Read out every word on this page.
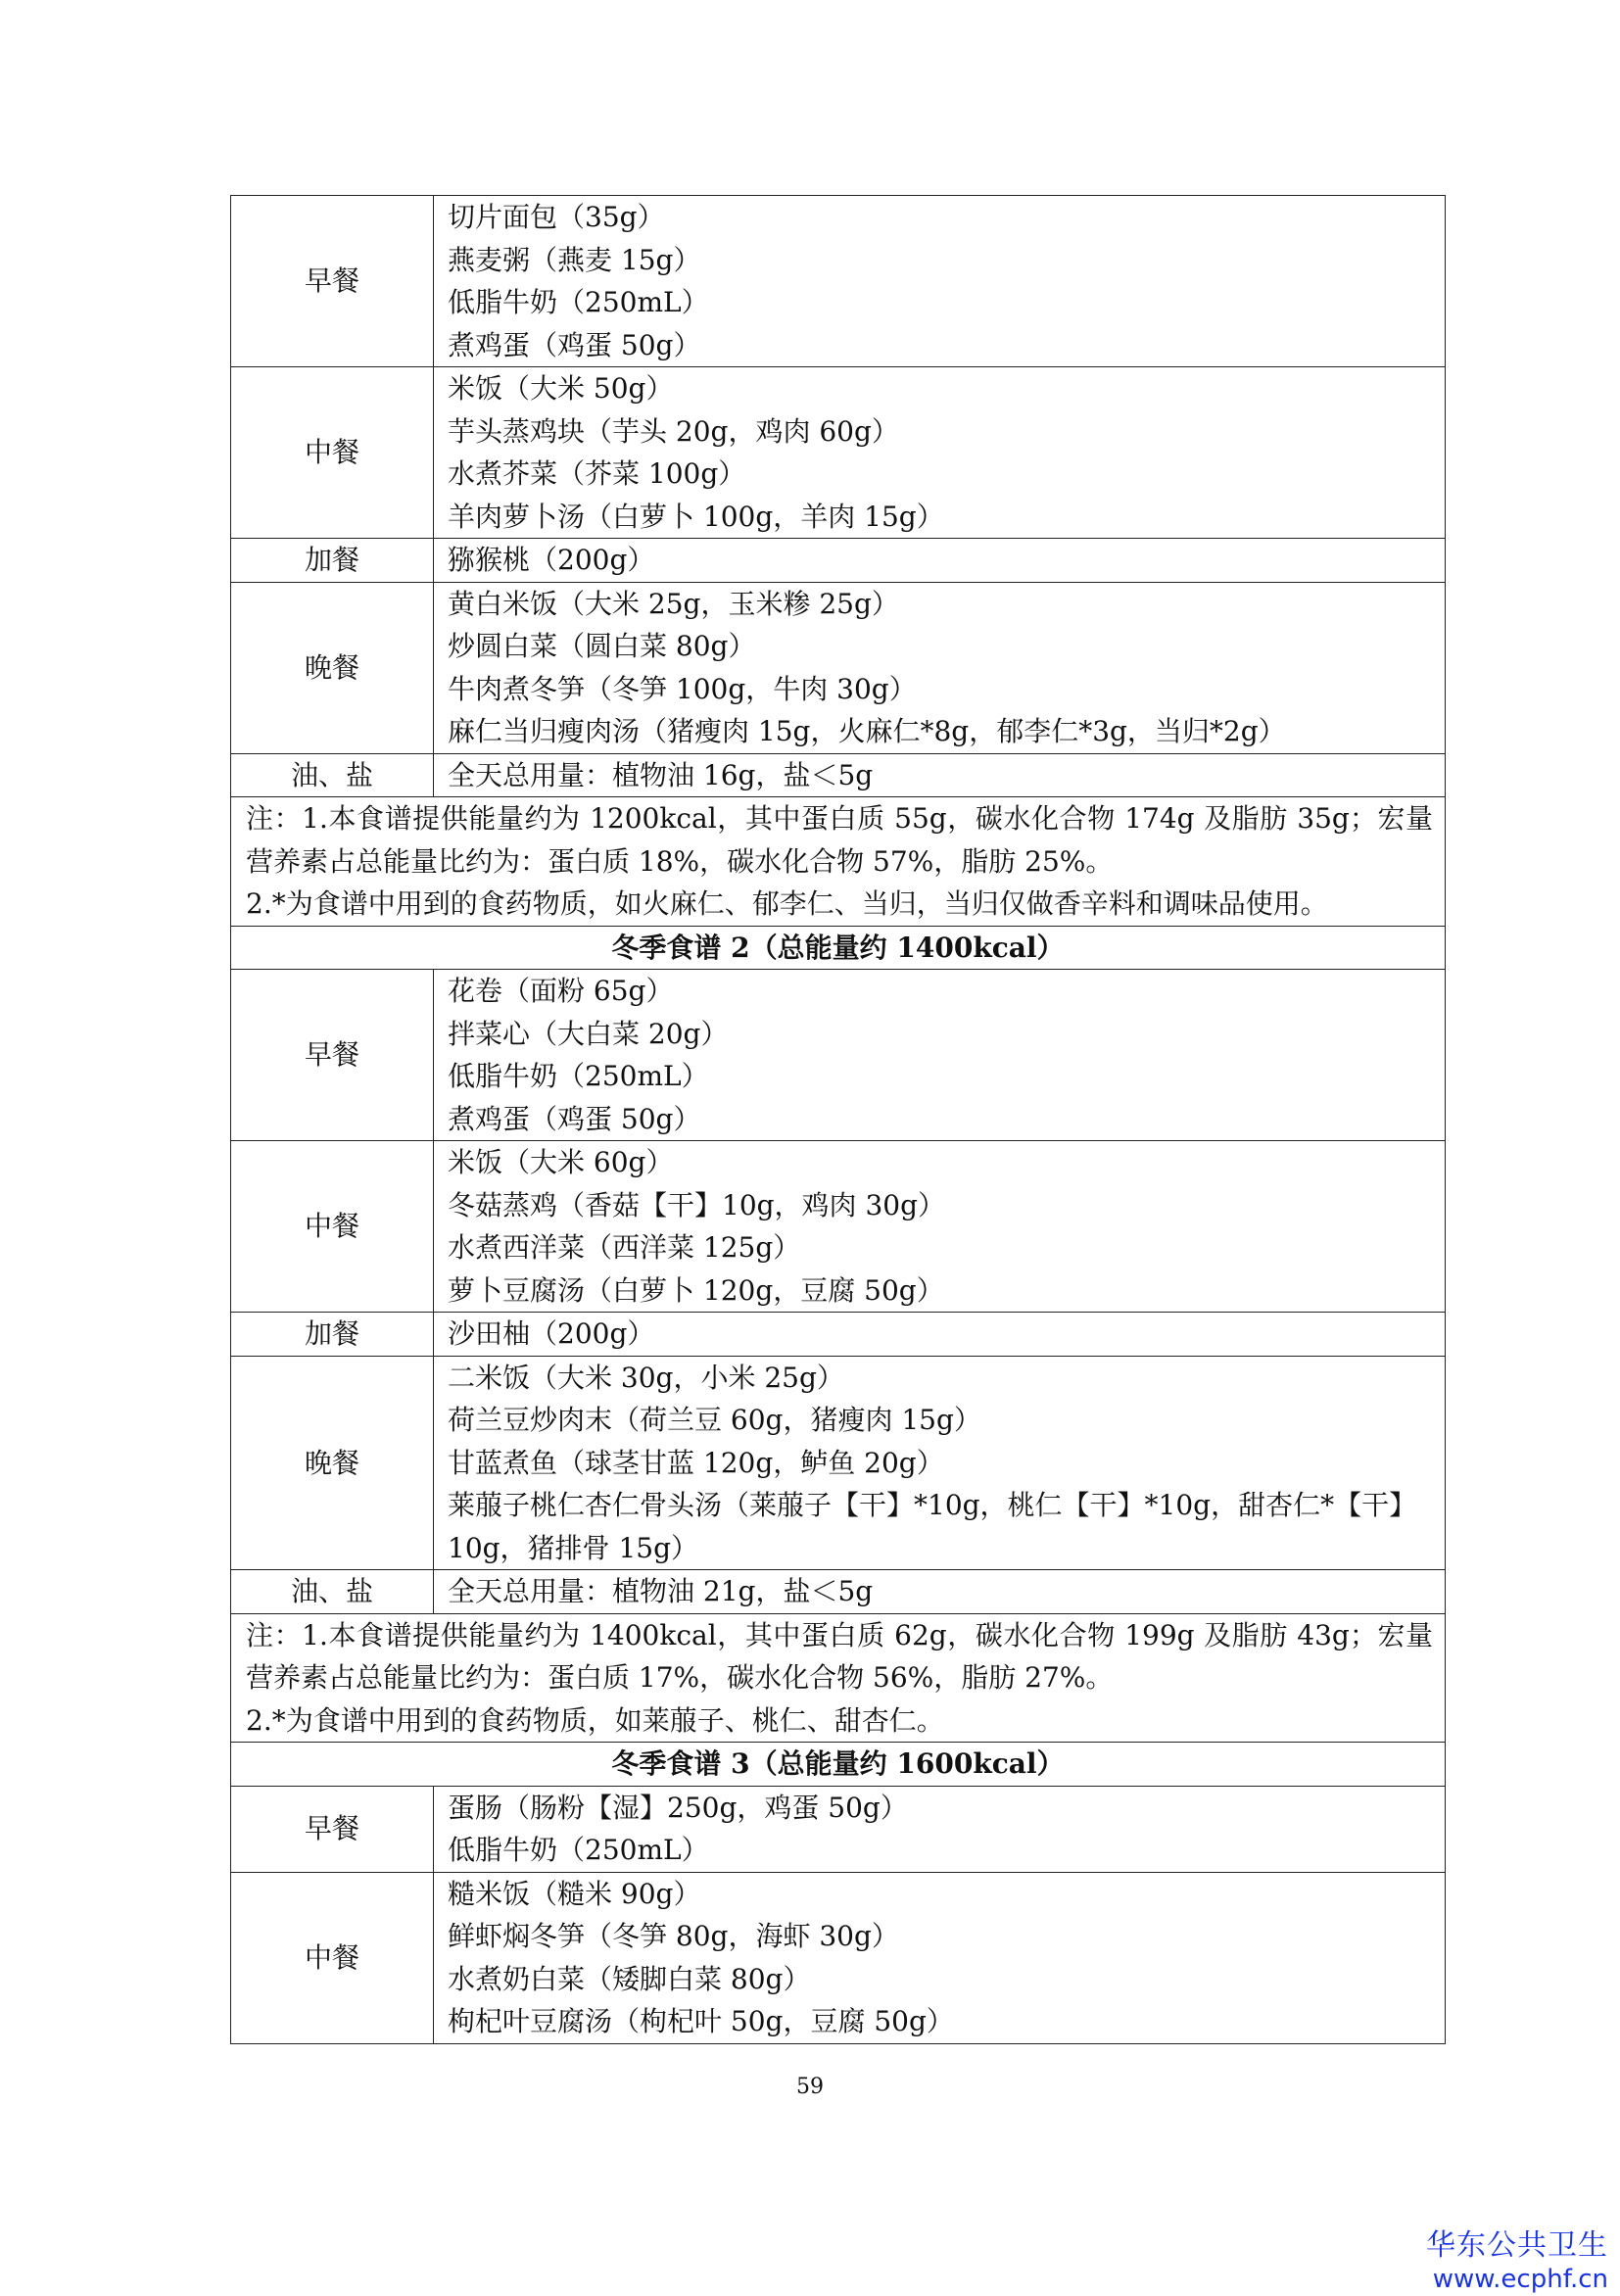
早餐	切片面包（35g）
燕麦粥（燕麦 15g）
低脂牛奶（250mL）
煮鸡蛋（鸡蛋 50g）

中餐	米饭（大米 50g）
芋头蒸鸡块（芋头 20g，鸡肉 60g）
水煮芥菜（芥菜 100g）
羊肉萝卜汤（白萝卜 100g，羊肉 15g）

加餐	猕猴桃（200g）

晚餐	黄白米饭（大米 25g，玉米糁 25g）
炒圆白菜（圆白菜 80g）
牛肉煮冬笋（冬笋 100g，牛肉 30g）
麻仁当归瘦肉汤（猪瘦肉 15g，火麻仁*8g，郁李仁*3g，当归*2g）

油、盐	全天总用量：植物油 16g，盐＜5g

注：1.本食谱提供能量约为 1200kcal，其中蛋白质 55g，碳水化合物 174g 及脂肪 35g；宏量营养素占总能量比约为：蛋白质 18%，碳水化合物 57%，脂肪 25%。
2.*为食谱中用到的食药物质，如火麻仁、郁李仁、当归，当归仅做香辛料和调味品使用。	

冬季食谱 2（总能量约 1400kcal）	
早餐	花卷（面粉 65g）
拌菜心（大白菜 20g）
低脂牛奶（250mL）
煮鸡蛋（鸡蛋 50g）

中餐	米饭（大米 60g）
冬菇蒸鸡（香菇【干】10g，鸡肉 30g）
水煮西洋菜（西洋菜 125g）
萝卜豆腐汤（白萝卜 120g，豆腐 50g）

加餐	沙田柚（200g）

晚餐	二米饭（大米 30g，小米 25g）
荷兰豆炒肉末（荷兰豆 60g，猪瘦肉 15g）
甘蓝煮鱼（球茎甘蓝 120g，鲈鱼 20g）
莱菔子桃仁杏仁骨头汤（莱菔子【干】*10g，桃仁【干】*10g，甜杏仁*【干】10g，猪排骨 15g）

油、盐	全天总用量：植物油 21g，盐＜5g

注：1.本食谱提供能量约为 1400kcal，其中蛋白质 62g，碳水化合物 199g 及脂肪 43g；宏量营养素占总能量比约为：蛋白质 17%，碳水化合物 56%，脂肪 27%。
2.*为食谱中用到的食药物质，如莱菔子、桃仁、甜杏仁。	

冬季食谱 3（总能量约 1600kcal）	
早餐	蛋肠（肠粉【湿】250g，鸡蛋 50g）
低脂牛奶（250mL）

中餐	糙米饭（糙米 90g）
鲜虾焖冬笋（冬笋 80g，海虾 30g）
水煮奶白菜（矮脚白菜 80g）
枸杞叶豆腐汤（枸杞叶 50g，豆腐 50g）
59
华东公共卫生
www.ecphf.cn
